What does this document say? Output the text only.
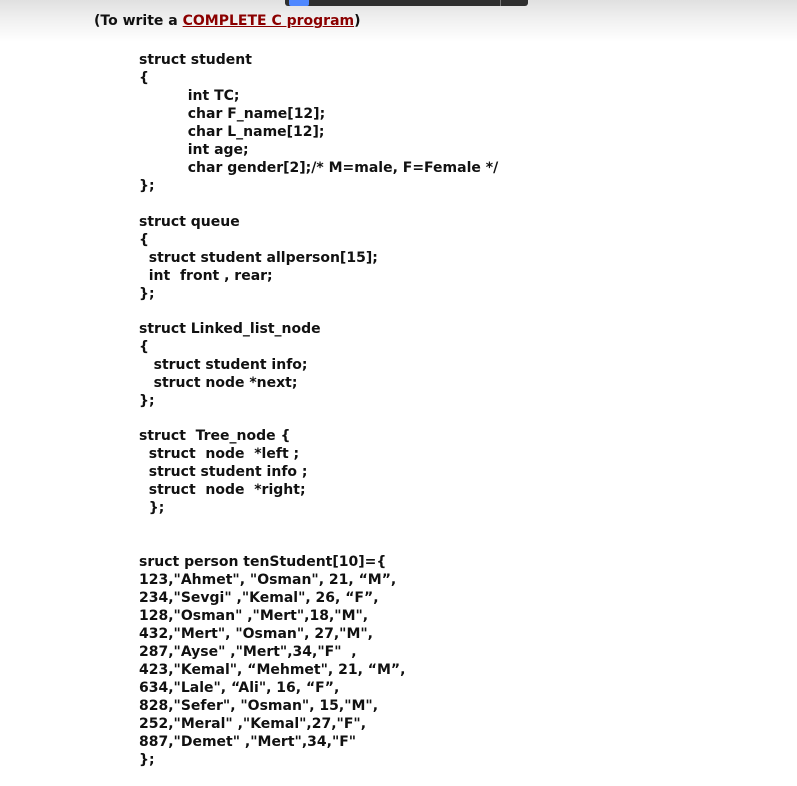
(To write a COMPLETE C program)
struct student
{
int TC;
char F_name[12];
char L_name[12];
int age;
char gender[2];/* M=male, F=Female */
};
struct queue
{
struct student allperson[15];
int  front , rear;
};
struct Linked_list_node
{
struct student info;
struct node *next;
};
struct  Tree_node {
struct  node  *left ;
struct student info ;
struct  node  *right;
};
sruct person tenStudent[10]={
123,"Ahmet", "Osman", 21, “M”,
234,"Sevgi" ,"Kemal", 26, “F”,
128,"Osman" ,"Mert",18,"M",
432,"Mert", "Osman", 27,"M",
287,"Ayse" ,"Mert",34,"F"  ,
423,"Kemal", “Mehmet", 21, “M”,
634,"Lale", “Ali", 16, “F”,
828,"Sefer", "Osman", 15,"M",
252,"Meral" ,"Kemal",27,"F",
887,"Demet" ,"Mert",34,"F"
};
